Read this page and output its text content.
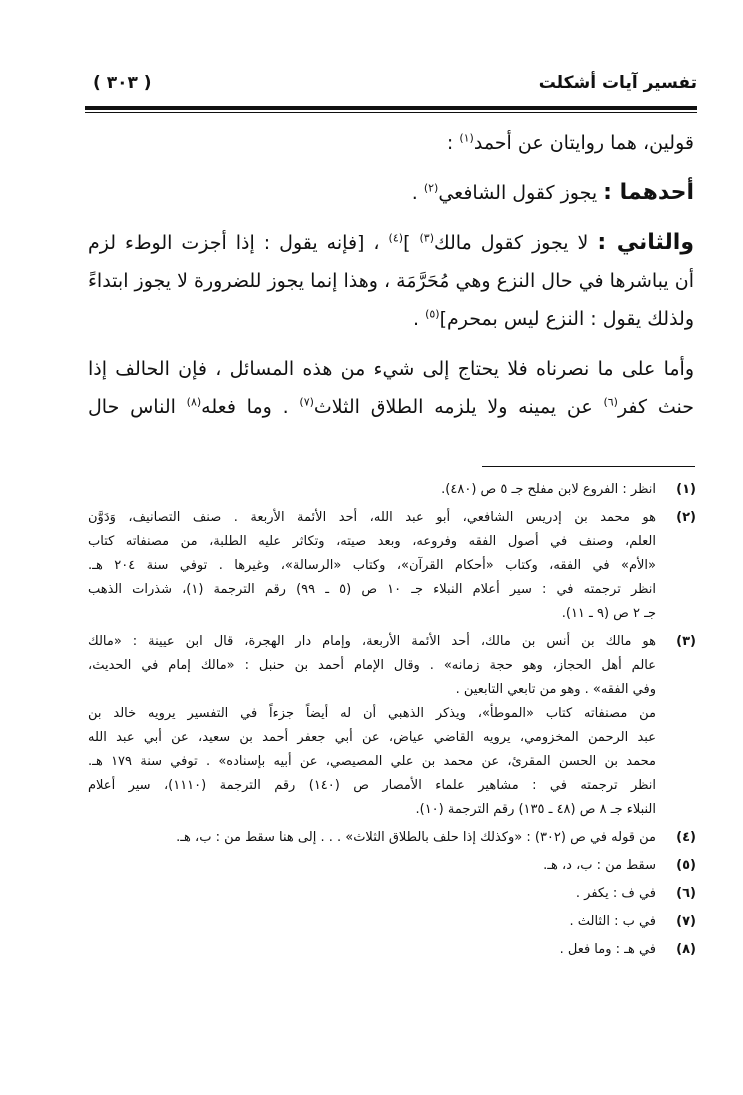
تفسير آيات أشكلت
( ٣٠٣ )
قولين، هما روايتان عن أحمد$^{(١)}$ :
أحدهما : يجوز كقول الشافعي$^{(٢)}$ .
والثاني : لا يجوز كقول مالك$^{(٣)}$ ]$^{(٤)}$ ، [فإنه يقول : إذا أجزت الوطء لزم
أن يباشرها في حال النزع وهي مُحَرَّمَة ، وهذا إنما يجوز للضرورة لا يجوز ابتداءً
ولذلك يقول : النزع ليس بمحرم]$^{(٥)}$ .
وأما على ما نصرناه فلا يحتاج إلى شيء من هذه المسائل ، فإن الحالف إذا
حنث كفر$^{(٦)}$ عن يمينه ولا يلزمه الطلاق الثلاث$^{(٧)}$ . وما فعله$^{(٨)}$ الناس حال
(١)
انظر : الفروع لابن مفلح جـ ٥ ص (٤٨٠).
(٢)
هو محمد بن إدريس الشافعي، أبو عبد الله، أحد الأئمة الأربعة . صنف التصانيف، وَدَوَّن
العلم، وصنف في أصول الفقه وفروعه، وبعد صيته، وتكاثر عليه الطلبة، من مصنفاته كتاب
«الأم» في الفقه، وكتاب «أحكام القرآن»، وكتاب «الرسالة»، وغيرها . توفي سنة ٢٠٤ هـ.
انظر ترجمته في : سير أعلام النبلاء جـ ١٠ ص (٥ ـ ٩٩) رقم الترجمة (١)، شذرات الذهب
جـ ٢ ص (٩ ـ ١١).
(٣)
هو مالك بن أنس بن مالك، أحد الأئمة الأربعة، وإمام دار الهجرة، قال ابن عيينة : «مالك
عالم أهل الحجاز، وهو حجة زمانه» . وقال الإمام أحمد بن حنبل : «مالك إمام في الحديث،
وفي الفقه» . وهو من تابعي التابعين .
من مصنفاته كتاب «الموطأ»، ويذكر الذهبي أن له أيضاً جزءاً في التفسير يرويه خالد بن
عبد الرحمن المخزومي، يرويه القاضي عياض، عن أبي جعفر أحمد بن سعيد، عن أبي عبد الله
محمد بن الحسن المقرئ، عن محمد بن علي المصيصي، عن أبيه بإسناده» . توفي سنة ١٧٩ هـ.
انظر ترجمته في : مشاهير علماء الأمصار ص (١٤٠) رقم الترجمة (١١١٠)، سير أعلام
النبلاء جـ ٨ ص (٤٨ ـ ١٣٥) رقم الترجمة (١٠).
(٤)
من قوله في ص (٣٠٢) : «وكذلك إذا حلف بالطلاق الثلاث» . . . إلى هنا سقط من : ب، هـ.
(٥)
سقط من : ب، د، هـ.
(٦)
في ف : يكفر .
(٧)
في ب : الثالث .
(٨)
في هـ : وما فعل .
